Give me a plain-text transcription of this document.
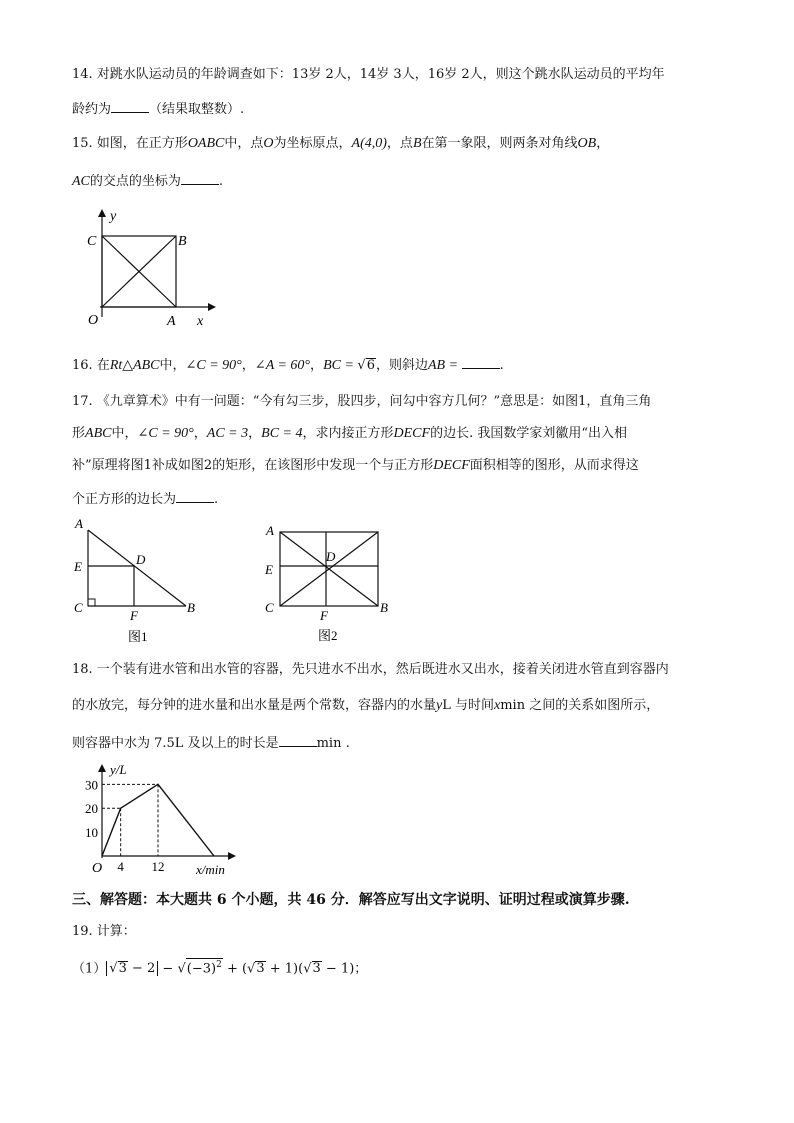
14. 对跳水队运动员的年龄调查如下：13岁 2人，14岁 3人，16岁 2人，则这个跳水队运动员的平均年
龄约为	（结果取整数）.
15. 如图，在正方形OABC中，点O为坐标原点，A(4,0)，点B在第一象限，则两条对角线OB，
AC的交点的坐标为	.
y
C	B
O	A x
16. 在Rt△ABC中，∠C = 90°，∠A = 60°，BC = √6，则斜边AB =	.
17. 《九章算术》中有一问题：“今有勾三步，股四步，问勾中容方几何？”意思是：如图1，直角三角
形ABC中，∠C = 90°，AC = 3，BC = 4，求内接正方形DECF的边长. 我国数学家刘徽用“出入相
补”原理将图1补成如图2的矩形，在该图形中发现一个与正方形DECF面积相等的图形，从而求得这
个正方形的边长为	.
A
E	D
C
F
B
图1
A
E
D
C
F
B
图2
18. 一个装有进水管和出水管的容器，先只进水不出水，然后既进水又出水，接着关闭进水管直到容器内
的水放完，每分钟的进水量和出水量是两个常数，容器内的水量yL 与时间xmin 之间的关系如图所示，
则容器中水为 7.5L 及以上的时长是	min .
10
20
30
4 12
y/L
x/min
O
三、解答题：本大题共 6 个小题，共 46 分．解答应写出文字说明、证明过程或演算步骤.
19. 计算：
（1） $√3 - 2 - √(-3)^2 + (√3 + 1)(√3 - 1)$；
